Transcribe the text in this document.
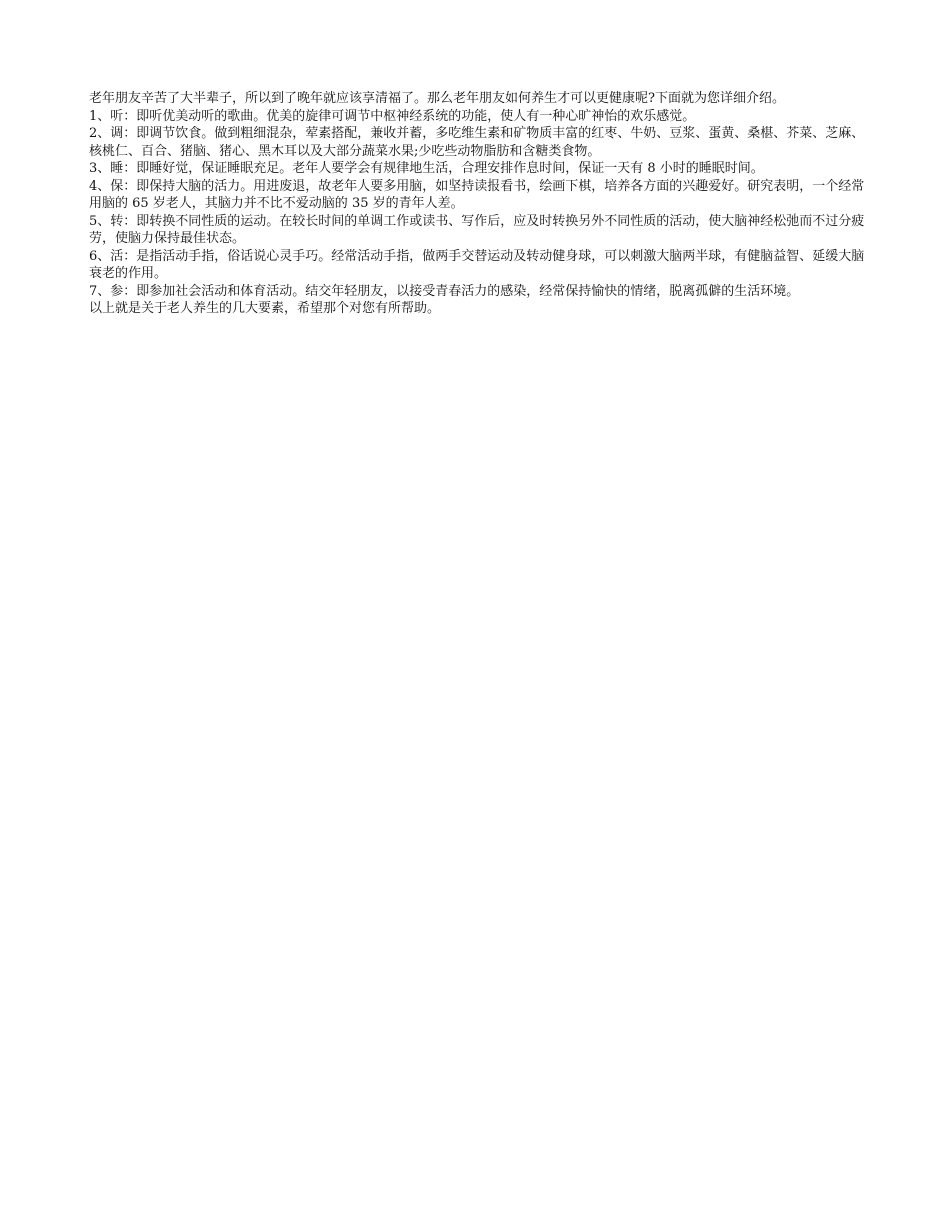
老年朋友辛苦了大半辈子，所以到了晚年就应该享清福了。那么老年朋友如何养生才可以更健康呢?下面就为您详细介绍。

1、听：即听优美动听的歌曲。优美的旋律可调节中枢神经系统的功能，使人有一种心旷神怡的欢乐感觉。

2、调：即调节饮食。做到粗细混杂，荤素搭配，兼收并蓄，多吃维生素和矿物质丰富的红枣、牛奶、豆浆、蛋黄、桑椹、芥菜、芝麻、核桃仁、百合、猪脑、猪心、黑木耳以及大部分蔬菜水果;少吃些动物脂肪和含糖类食物。

3、睡：即睡好觉，保证睡眠充足。老年人要学会有规律地生活，合理安排作息时间，保证一天有 8 小时的睡眠时间。

4、保：即保持大脑的活力。用进废退，故老年人要多用脑，如坚持读报看书，绘画下棋，培养各方面的兴趣爱好。研究表明，一个经常用脑的 65 岁老人，其脑力并不比不爱动脑的 35 岁的青年人差。

5、转：即转换不同性质的运动。在较长时间的单调工作或读书、写作后，应及时转换另外不同性质的活动，使大脑神经松弛而不过分疲劳，使脑力保持最佳状态。

6、活：是指活动手指，俗话说心灵手巧。经常活动手指，做两手交替运动及转动健身球，可以刺激大脑两半球，有健脑益智、延缓大脑衰老的作用。

7、参：即参加社会活动和体育活动。结交年轻朋友，以接受青春活力的感染，经常保持愉快的情绪，脱离孤僻的生活环境。

以上就是关于老人养生的几大要素，希望那个对您有所帮助。
